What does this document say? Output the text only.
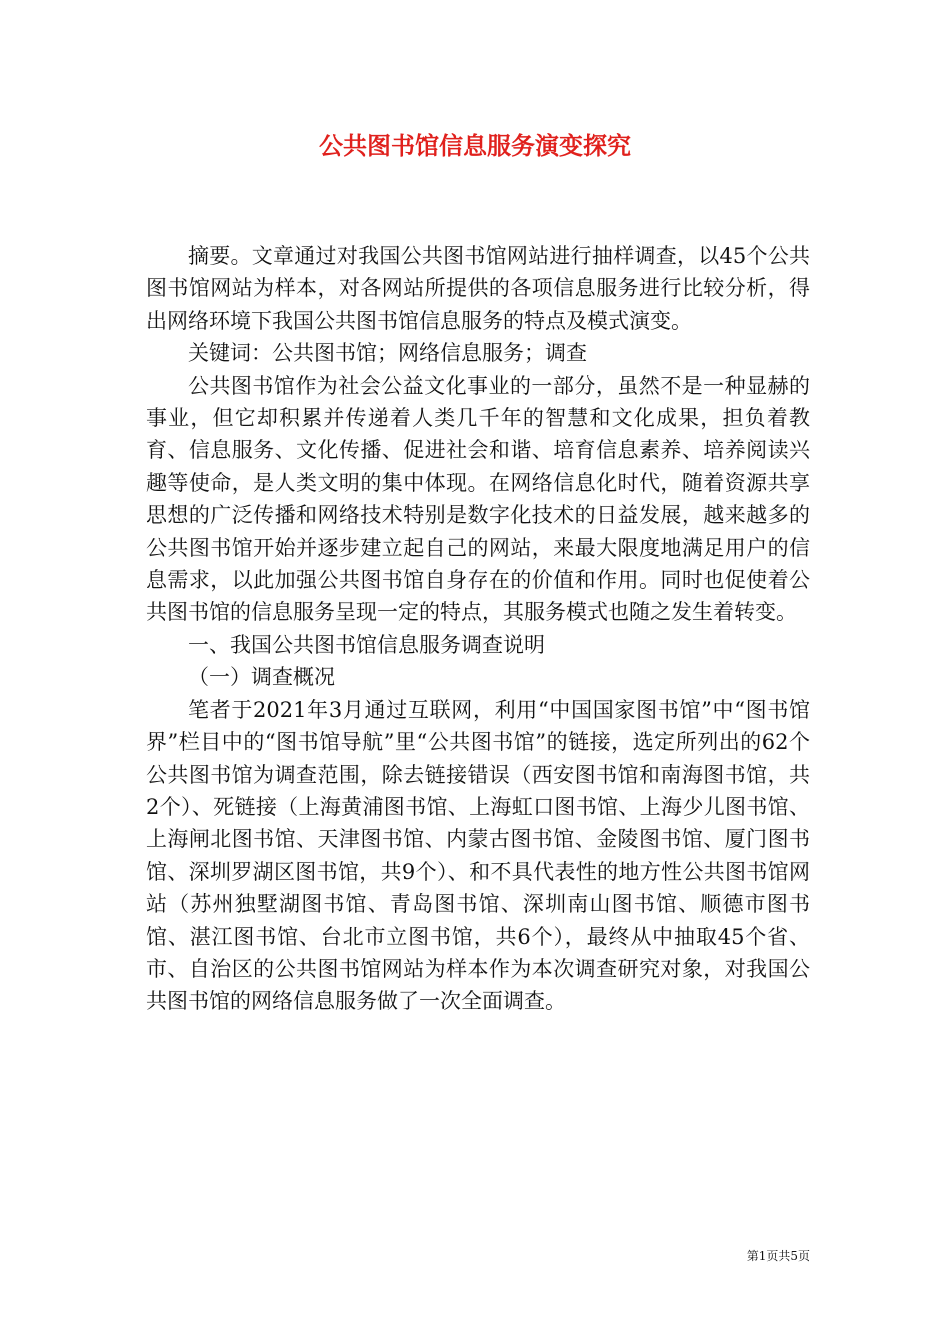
公共图书馆信息服务演变探究

摘要。文章通过对我国公共图书馆网站进行抽样调查，以45个公共图书馆网站为样本，对各网站所提供的各项信息服务进行比较分析，得出网络环境下我国公共图书馆信息服务的特点及模式演变。

关键词：公共图书馆；网络信息服务；调查

公共图书馆作为社会公益文化事业的一部分，虽然不是一种显赫的事业，但它却积累并传递着人类几千年的智慧和文化成果，担负着教育、信息服务、文化传播、促进社会和谐、培育信息素养、培养阅读兴趣等使命，是人类文明的集中体现。在网络信息化时代，随着资源共享思想的广泛传播和网络技术特别是数字化技术的日益发展，越来越多的公共图书馆开始并逐步建立起自己的网站，来最大限度地满足用户的信息需求，以此加强公共图书馆自身存在的价值和作用。同时也促使着公共图书馆的信息服务呈现一定的特点，其服务模式也随之发生着转变。

一、我国公共图书馆信息服务调查说明

（一）调查概况

笔者于2021年3月通过互联网，利用“中国国家图书馆”中“图书馆界”栏目中的“图书馆导航”里“公共图书馆”的链接，选定所列出的62个公共图书馆为调查范围，除去链接错误（西安图书馆和南海图书馆，共2个）、死链接（上海黄浦图书馆、上海虹口图书馆、上海少儿图书馆、上海闸北图书馆、天津图书馆、内蒙古图书馆、金陵图书馆、厦门图书馆、深圳罗湖区图书馆，共9个）、和不具代表性的地方性公共图书馆网站（苏州独墅湖图书馆、青岛图书馆、深圳南山图书馆、顺德市图书馆、湛江图书馆、台北市立图书馆，共6个），最终从中抽取45个省、市、自治区的公共图书馆网站为样本作为本次调查研究对象，对我国公共图书馆的网络信息服务做了一次全面调查。

第1页共5页
